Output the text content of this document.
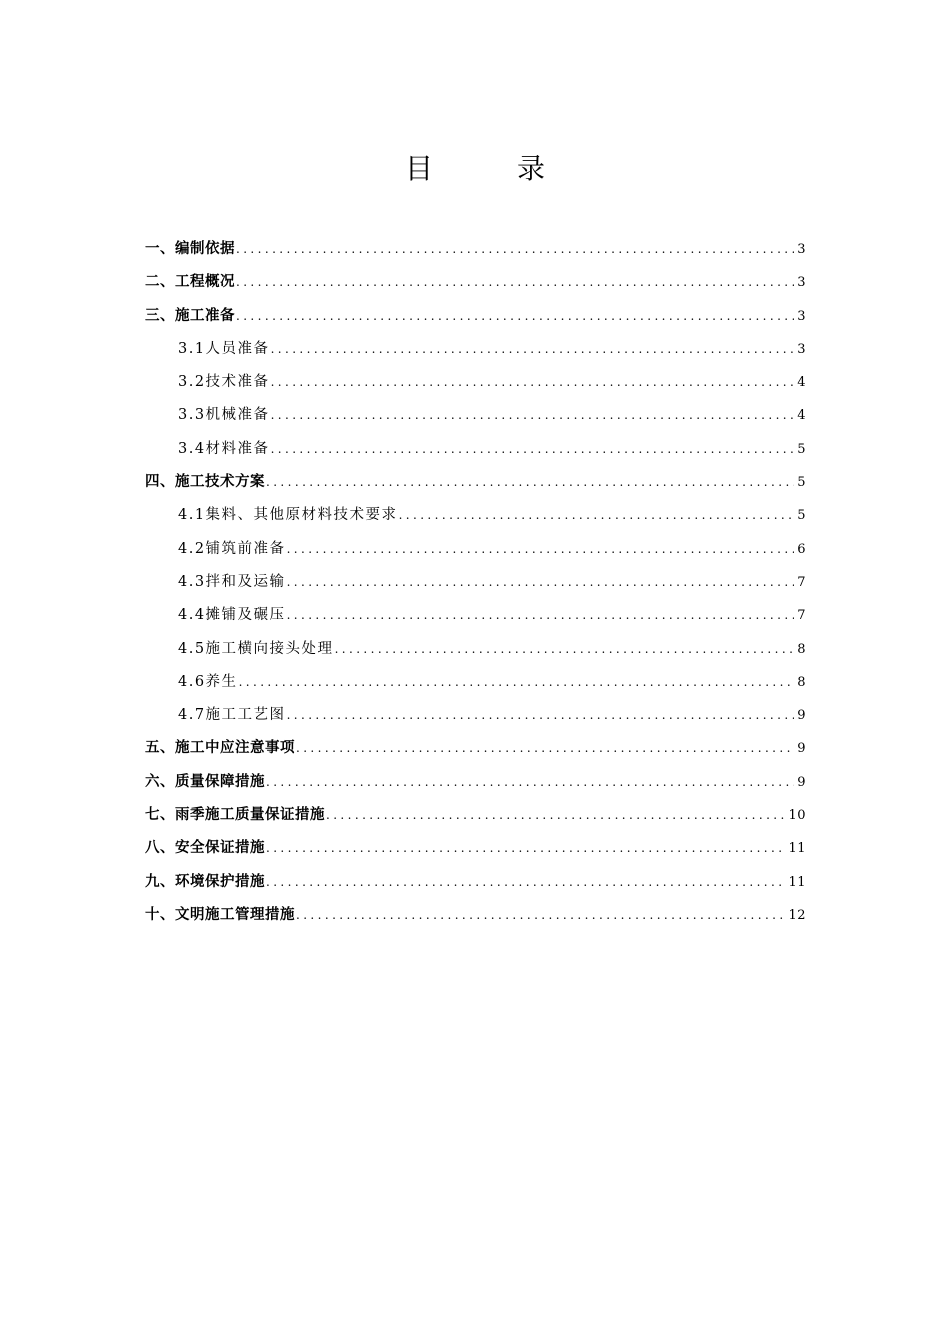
目　录
一、编制依据 .....	3
二、工程概况 .....	3
三、施工准备 .....	3
3.1人员准备 .....	3
3.2技术准备 .....	4
3.3机械准备 .....	4
3.4材料准备 .....	5
四、施工技术方案 .....	5
4.1集料、其他原材料技术要求 .....	5
4.2铺筑前准备 .....	6
4.3拌和及运输 .....	7
4.4摊铺及碾压 .....	7
4.5施工横向接头处理 .....	8
4.6养生 .....	8
4.7施工工艺图 .....	9
五、施工中应注意事项 .....	9
六、质量保障措施 .....	9
七、雨季施工质量保证措施 .....	10
八、安全保证措施 .....	11
九、环境保护措施 .....	11
十、文明施工管理措施 .....	12
